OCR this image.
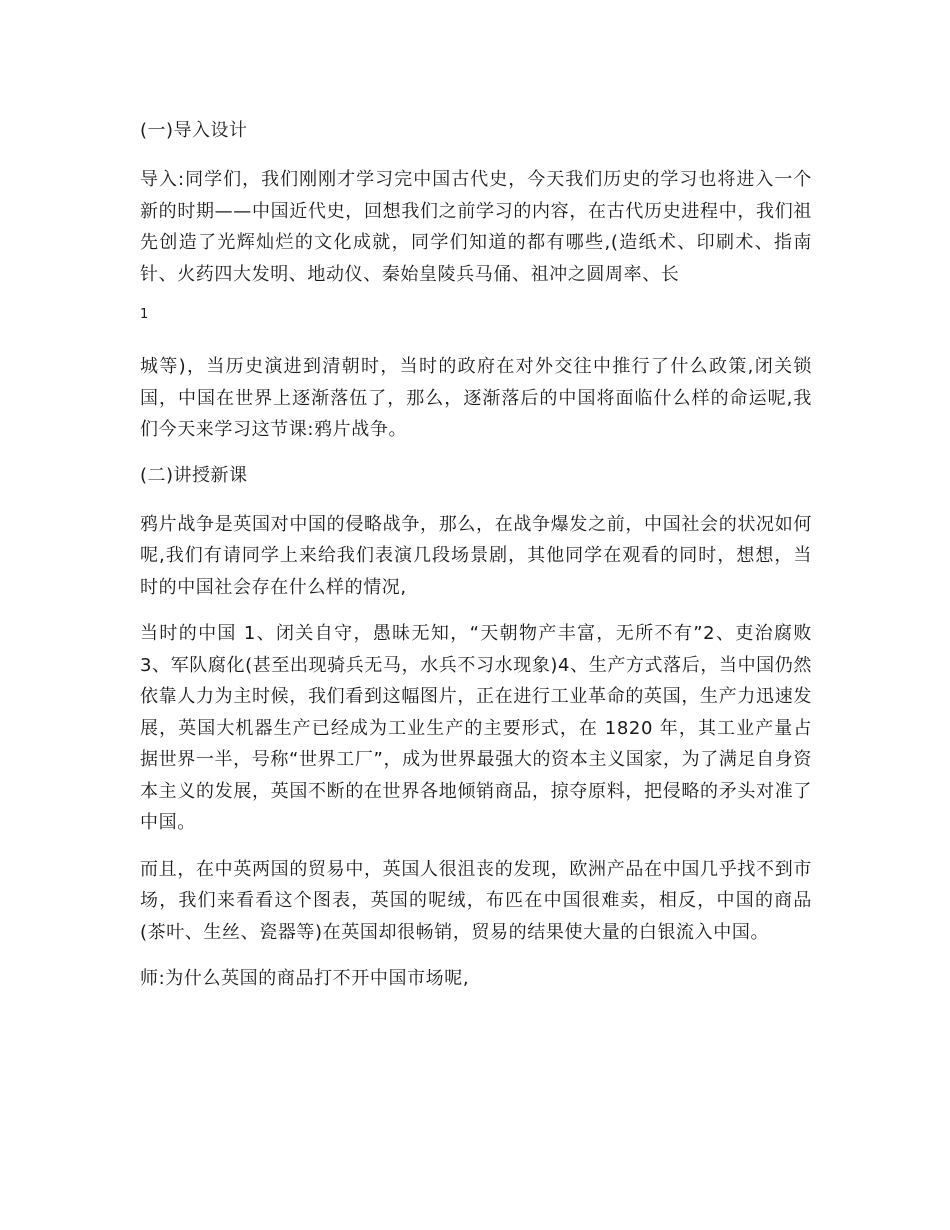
(一)导入设计
导入:同学们，我们刚刚才学习完中国古代史，今天我们历史的学习也将进入一个新的时期——中国近代史，回想我们之前学习的内容，在古代历史进程中，我们祖先创造了光辉灿烂的文化成就，同学们知道的都有哪些,(造纸术、印刷术、指南针、火药四大发明、地动仪、秦始皇陵兵马俑、祖冲之圆周率、长
1
城等)，当历史演进到清朝时，当时的政府在对外交往中推行了什么政策,闭关锁国，中国在世界上逐渐落伍了，那么，逐渐落后的中国将面临什么样的命运呢,我们今天来学习这节课:鸦片战争。
(二)讲授新课
鸦片战争是英国对中国的侵略战争，那么，在战争爆发之前，中国社会的状况如何呢,我们有请同学上来给我们表演几段场景剧，其他同学在观看的同时，想想，当时的中国社会存在什么样的情况,
当时的中国 1、闭关自守，愚昧无知，“天朝物产丰富，无所不有”2、吏治腐败 3、军队腐化(甚至出现骑兵无马，水兵不习水现象)4、生产方式落后，当中国仍然依靠人力为主时候，我们看到这幅图片，正在进行工业革命的英国，生产力迅速发展，英国大机器生产已经成为工业生产的主要形式，在 1820 年，其工业产量占据世界一半，号称“世界工厂”，成为世界最强大的资本主义国家，为了满足自身资本主义的发展，英国不断的在世界各地倾销商品，掠夺原料，把侵略的矛头对准了中国。
而且，在中英两国的贸易中，英国人很沮丧的发现，欧洲产品在中国几乎找不到市场，我们来看看这个图表，英国的呢绒，布匹在中国很难卖，相反，中国的商品(茶叶、生丝、瓷器等)在英国却很畅销，贸易的结果使大量的白银流入中国。
师:为什么英国的商品打不开中国市场呢,
